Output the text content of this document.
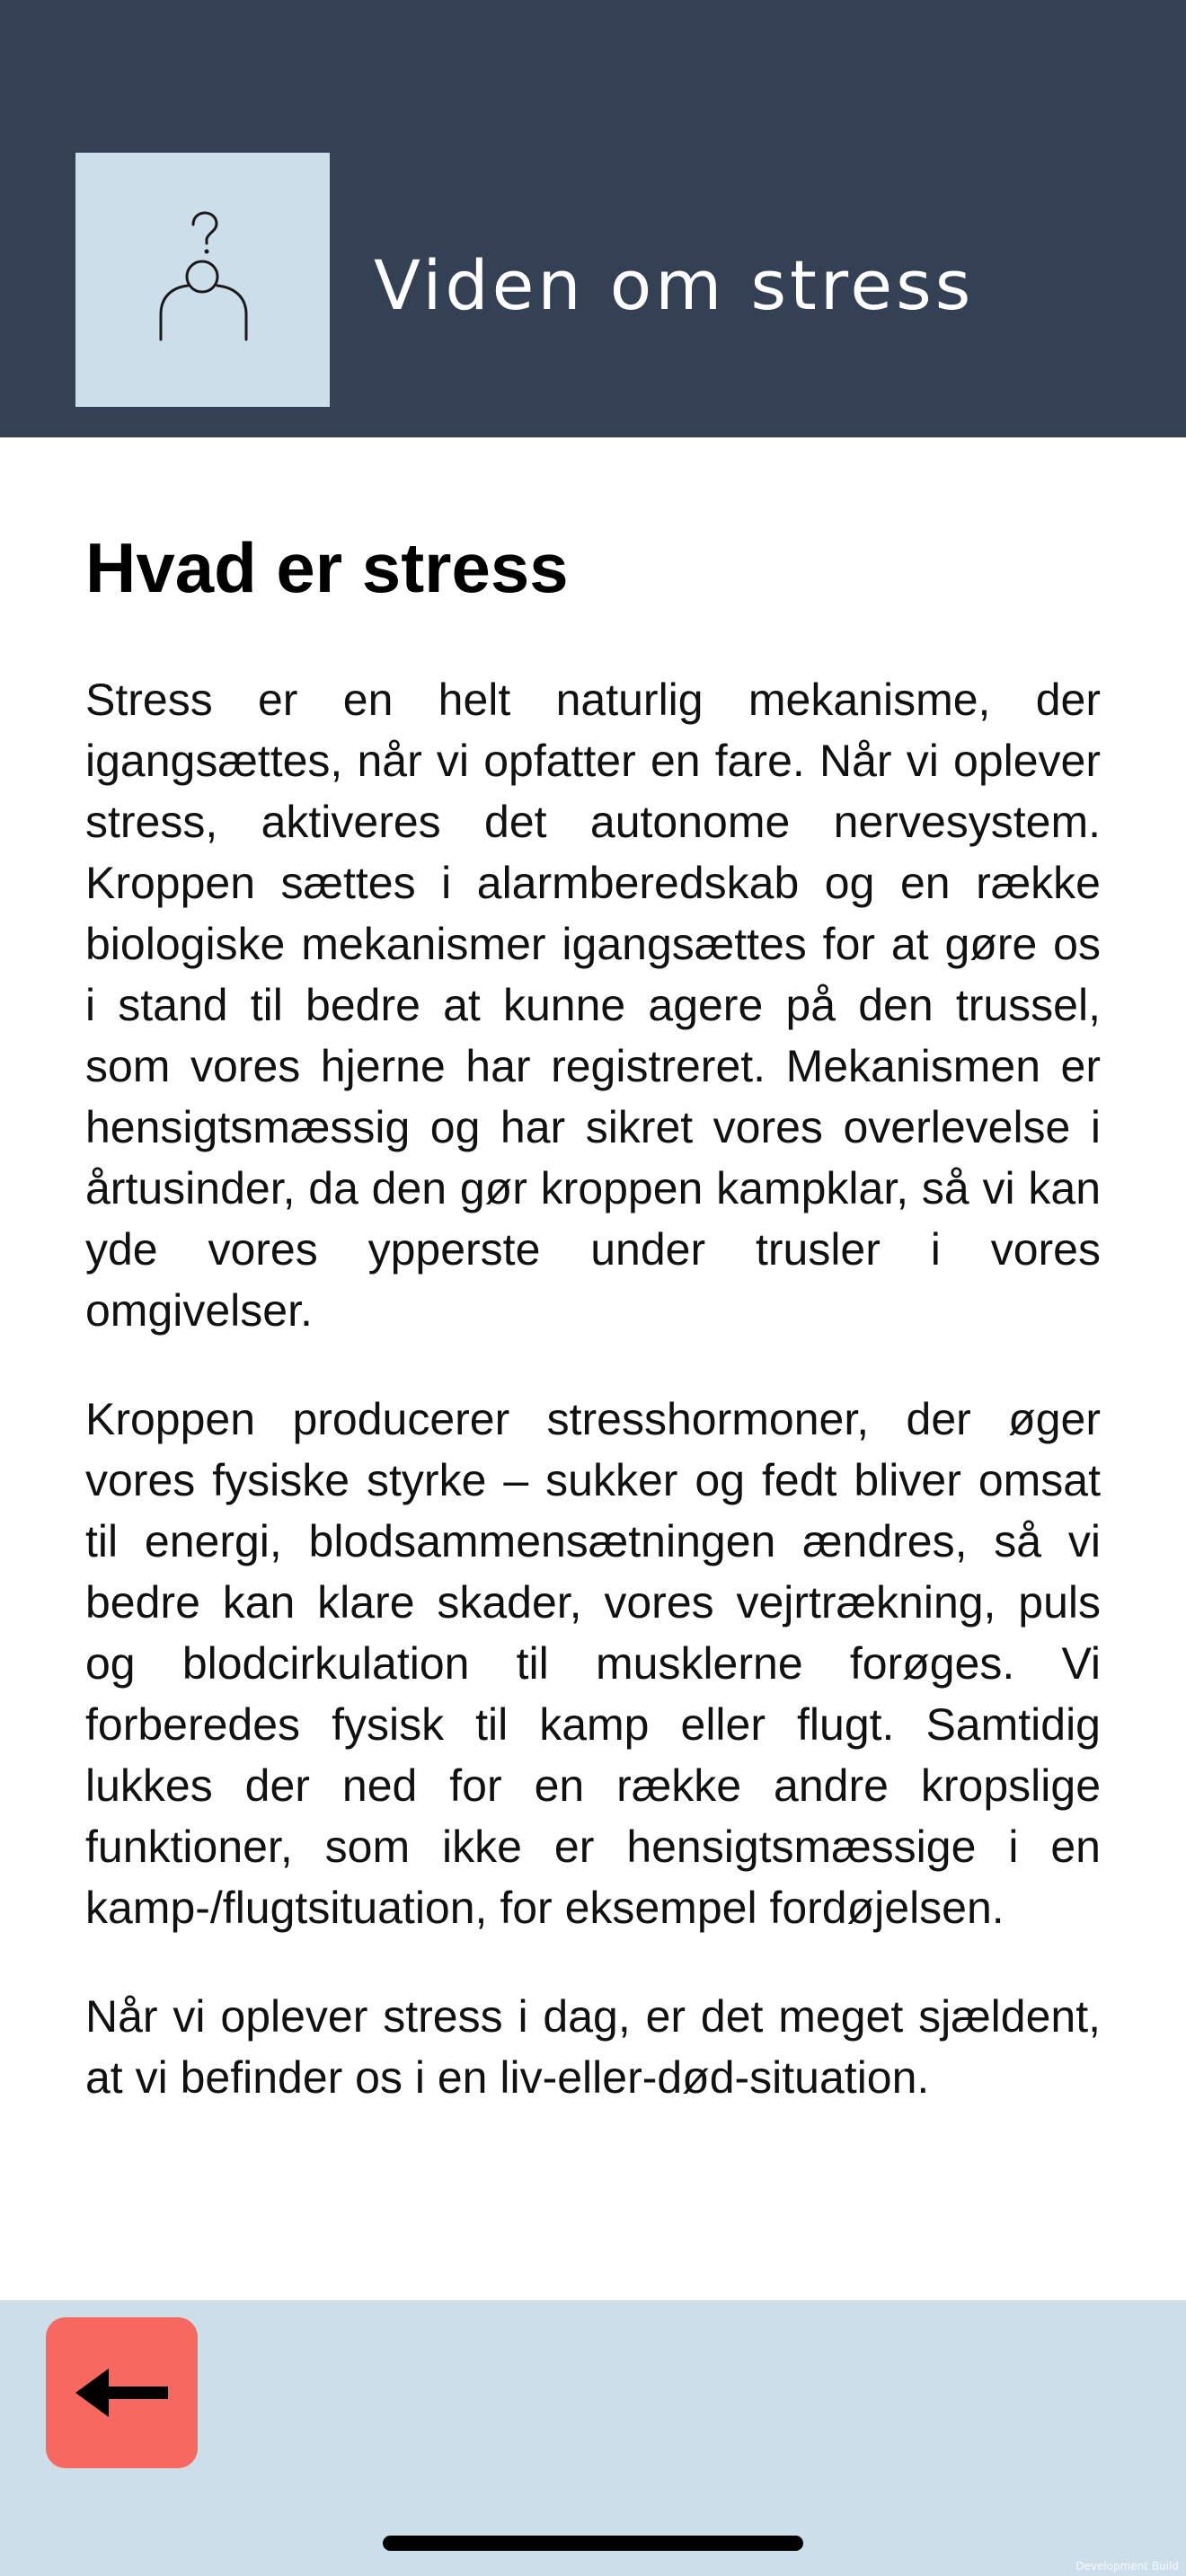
Viden om stress
Hvad er stress

Stress er en helt naturlig mekanisme, der igangsættes, når vi opfatter en fare. Når vi oplever stress, aktiveres det autonome nervesystem. Kroppen sættes i alarmberedskab og en række biologiske mekanismer igangsættes for at gøre os i stand til bedre at kunne agere på den trussel, som vores hjerne har registreret. Mekanismen er hensigtsmæssig og har sikret vores overlevelse i årtusinder, da den gør kroppen kampklar, så vi kan yde vores ypperste under trusler i vores omgivelser.

Kroppen producerer stresshormoner, der øger vores fysiske styrke – sukker og fedt bliver omsat til energi, blodsammensætningen ændres, så vi bedre kan klare skader, vores vejrtrækning, puls og blodcirkulation til musklerne forøges. Vi forberedes fysisk til kamp eller flugt. Samtidig lukkes der ned for en række andre kropslige funktioner, som ikke er hensigtsmæssige i en kamp-/flugtsituation, for eksempel fordøjelsen.

Når vi oplever stress i dag, er det meget sjældent, at vi befinder os i en liv-eller-død-situation.

Development Build
